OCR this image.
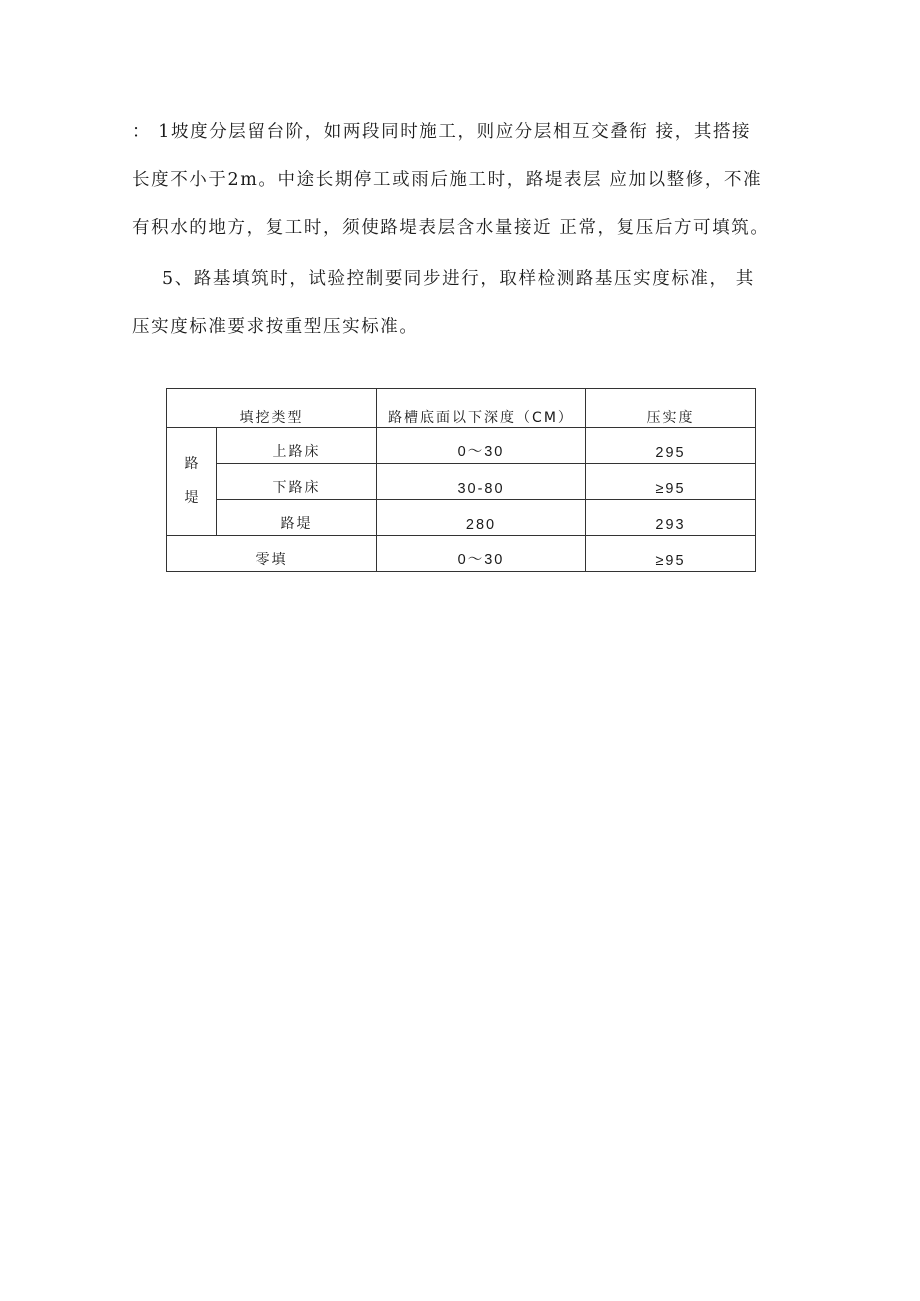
： 1坡度分层留台阶，如两段同时施工，则应分层相互交叠衔 接，其搭接
长度不小于2m。中途长期停工或雨后施工时，路堤表层 应加以整修，不准
有积水的地方，复工时，须使路堤表层含水量接近 正常，复压后方可填筑。
5、路基填筑时，试验控制要同步进行，取样检测路基压实度标准， 其
压实度标准要求按重型压实标准。
填挖类型		路槽底面以下深度（CM）	压实度

路
堤	上路床	0～30	295
	下路床	30-80	≥95
	路堤	280	293
零填		0～30	≥95
